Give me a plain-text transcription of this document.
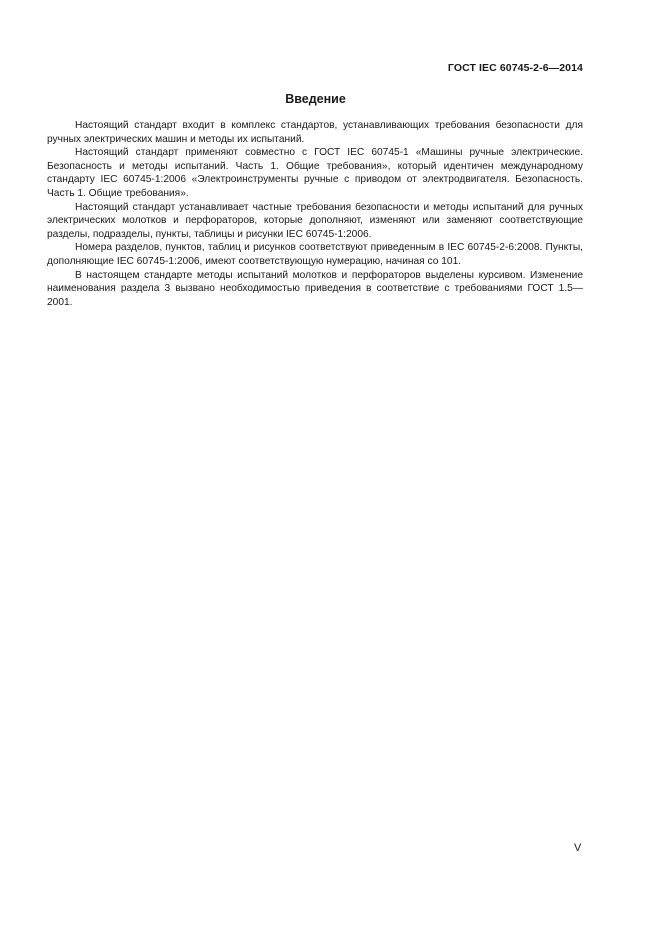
ГОСТ IEC 60745-2-6—2014
Введение

Настоящий стандарт входит в комплекс стандартов, устанавливающих требования безопасности для ручных электрических машин и методы их испытаний.

Настоящий стандарт применяют совместно с ГОСТ IEC 60745-1 «Машины ручные электрические. Безопасность и методы испытаний. Часть 1. Общие требования», который идентичен международному стандарту IEC 60745-1:2006 «Электроинструменты ручные с приводом от электродвигателя. Безопасность. Часть 1. Общие требования».

Настоящий стандарт устанавливает частные требования безопасности и методы испытаний для ручных электрических молотков и перфораторов, которые дополняют, изменяют или заменяют соответствующие разделы, подразделы, пункты, таблицы и рисунки IEC 60745-1:2006.

Номера разделов, пунктов, таблиц и рисунков соответствуют приведенным в IEC 60745-2-6:2008. Пункты, дополняющие IEC 60745-1:2006, имеют соответствующую нумерацию, начиная со 101.

В настоящем стандарте методы испытаний молотков и перфораторов выделены курсивом. Изменение наименования раздела 3 вызвано необходимостью приведения в соответствие с требованиями ГОСТ 1.5—2001.

V
